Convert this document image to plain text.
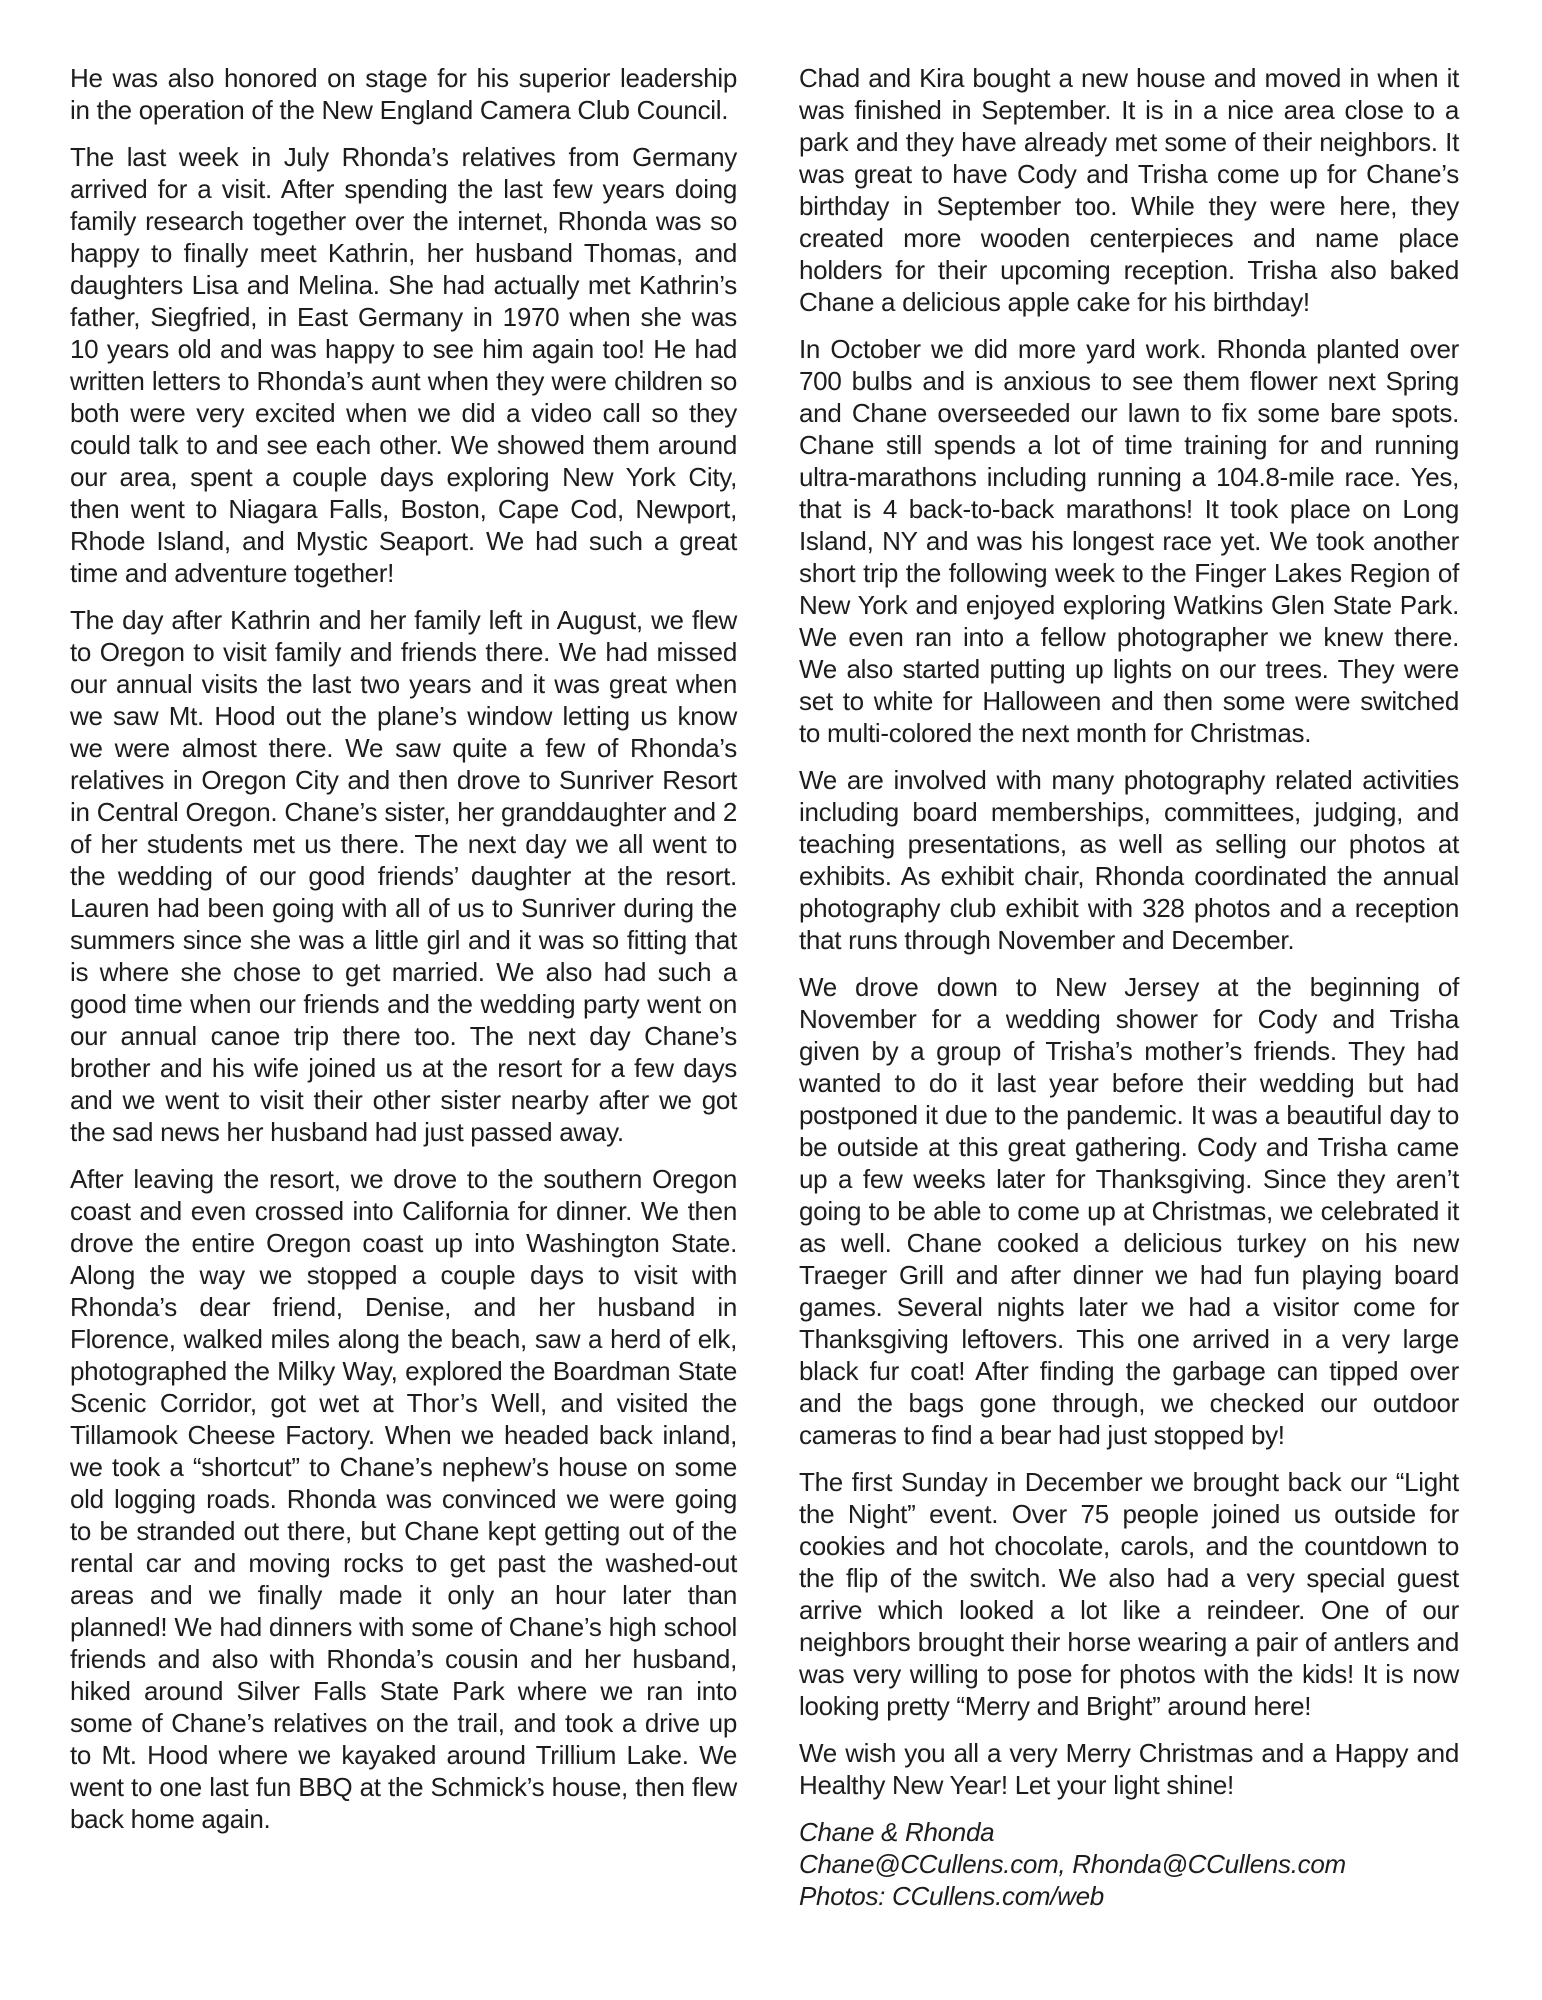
He was also honored on stage for his superior leadership in the operation of the New England Camera Club Council.

The last week in July Rhonda’s relatives from Germany arrived for a visit. After spending the last few years doing family research together over the internet, Rhonda was so happy to finally meet Kathrin, her husband Thomas, and daughters Lisa and Melina. She had actually met Kathrin’s father, Siegfried, in East Germany in 1970 when she was 10 years old and was happy to see him again too! He had written letters to Rhonda’s aunt when they were children so both were very excited when we did a video call so they could talk to and see each other. We showed them around our area, spent a couple days exploring New York City, then went to Niagara Falls, Boston, Cape Cod, Newport, Rhode Island, and Mystic Seaport. We had such a great time and adventure together!

The day after Kathrin and her family left in August, we flew to Oregon to visit family and friends there. We had missed our annual visits the last two years and it was great when we saw Mt. Hood out the plane’s window letting us know we were almost there. We saw quite a few of Rhonda’s relatives in Oregon City and then drove to Sunriver Resort in Central Oregon. Chane’s sister, her granddaughter and 2 of her students met us there. The next day we all went to the wedding of our good friends’ daughter at the resort. Lauren had been going with all of us to Sunriver during the summers since she was a little girl and it was so fitting that is where she chose to get married. We also had such a good time when our friends and the wedding party went on our annual canoe trip there too. The next day Chane’s brother and his wife joined us at the resort for a few days and we went to visit their other sister nearby after we got the sad news her husband had just passed away.

After leaving the resort, we drove to the southern Oregon coast and even crossed into California for dinner. We then drove the entire Oregon coast up into Washington State. Along the way we stopped a couple days to visit with Rhonda’s dear friend, Denise, and her husband in Florence, walked miles along the beach, saw a herd of elk, photographed the Milky Way, explored the Boardman State Scenic Corridor, got wet at Thor’s Well, and visited the Tillamook Cheese Factory. When we headed back inland, we took a “shortcut” to Chane’s nephew’s house on some old logging roads. Rhonda was convinced we were going to be stranded out there, but Chane kept getting out of the rental car and moving rocks to get past the washed-out areas and we finally made it only an hour later than planned! We had dinners with some of Chane’s high school friends and also with Rhonda’s cousin and her husband, hiked around Silver Falls State Park where we ran into some of Chane’s relatives on the trail, and took a drive up to Mt. Hood where we kayaked around Trillium Lake. We went to one last fun BBQ at the Schmick’s house, then flew back home again.

Chad and Kira bought a new house and moved in when it was finished in September. It is in a nice area close to a park and they have already met some of their neighbors. It was great to have Cody and Trisha come up for Chane’s birthday in September too. While they were here, they created more wooden centerpieces and name place holders for their upcoming reception. Trisha also baked Chane a delicious apple cake for his birthday!

In October we did more yard work. Rhonda planted over 700 bulbs and is anxious to see them flower next Spring and Chane overseeded our lawn to fix some bare spots. Chane still spends a lot of time training for and running ultra-marathons including running a 104.8-mile race. Yes, that is 4 back-to-back marathons! It took place on Long Island, NY and was his longest race yet. We took another short trip the following week to the Finger Lakes Region of New York and enjoyed exploring Watkins Glen State Park. We even ran into a fellow photographer we knew there. We also started putting up lights on our trees. They were set to white for Halloween and then some were switched to multi-colored the next month for Christmas.

We are involved with many photography related activities including board memberships, committees, judging, and teaching presentations, as well as selling our photos at exhibits. As exhibit chair, Rhonda coordinated the annual photography club exhibit with 328 photos and a reception that runs through November and December.

We drove down to New Jersey at the beginning of November for a wedding shower for Cody and Trisha given by a group of Trisha’s mother’s friends. They had wanted to do it last year before their wedding but had postponed it due to the pandemic. It was a beautiful day to be outside at this great gathering. Cody and Trisha came up a few weeks later for Thanksgiving. Since they aren’t going to be able to come up at Christmas, we celebrated it as well. Chane cooked a delicious turkey on his new Traeger Grill and after dinner we had fun playing board games. Several nights later we had a visitor come for Thanksgiving leftovers. This one arrived in a very large black fur coat! After finding the garbage can tipped over and the bags gone through, we checked our outdoor cameras to find a bear had just stopped by!

The first Sunday in December we brought back our “Light the Night” event. Over 75 people joined us outside for cookies and hot chocolate, carols, and the countdown to the flip of the switch. We also had a very special guest arrive which looked a lot like a reindeer. One of our neighbors brought their horse wearing a pair of antlers and was very willing to pose for photos with the kids! It is now looking pretty “Merry and Bright” around here!

We wish you all a very Merry Christmas and a Happy and Healthy New Year! Let your light shine!

Chane & Rhonda
Chane@CCullens.com, Rhonda@CCullens.com
Photos: CCullens.com/web
